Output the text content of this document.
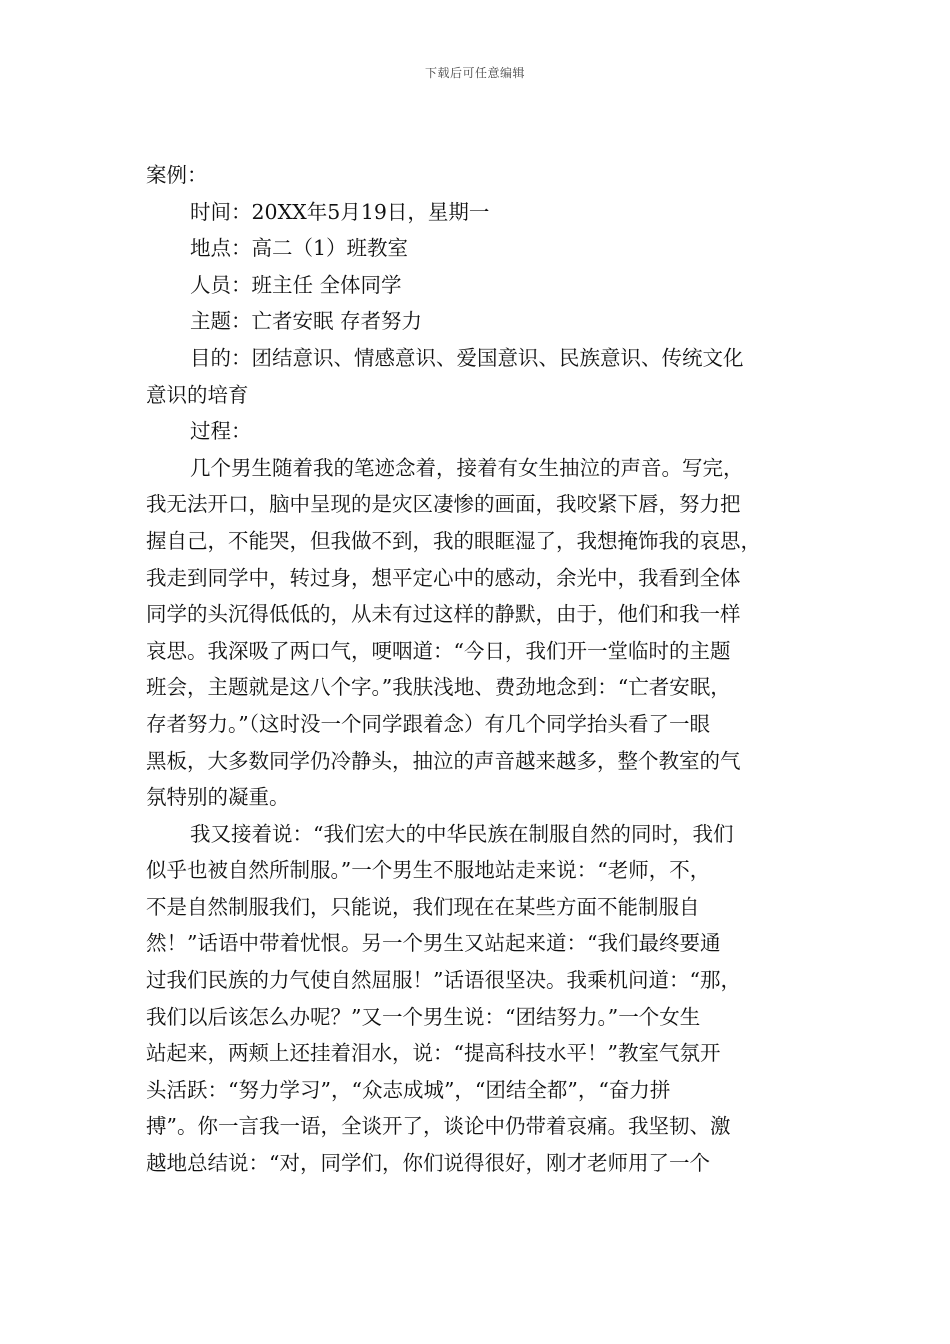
下载后可任意编辑
案例：
时间：20XX年5月19日，星期一
地点：高二（1）班教室
人员：班主任 全体同学
主题：亡者安眠 存者努力
目的：团结意识、情感意识、爱国意识、民族意识、传统文化
意识的培育
过程：
几个男生随着我的笔迹念着，接着有女生抽泣的声音。写完，
我无法开口，脑中呈现的是灾区凄惨的画面，我咬紧下唇，努力把
握自己，不能哭，但我做不到，我的眼眶湿了，我想掩饰我的哀思，
我走到同学中，转过身，想平定心中的感动，余光中，我看到全体
同学的头沉得低低的，从未有过这样的静默，由于，他们和我一样
哀思。我深吸了两口气，哽咽道：“今日，我们开一堂临时的主题
班会，主题就是这八个字。”我肤浅地、费劲地念到：“亡者安眠，
存者努力。”（这时没一个同学跟着念）有几个同学抬头看了一眼
黑板，大多数同学仍冷静头，抽泣的声音越来越多，整个教室的气
氛特别的凝重。
我又接着说：“我们宏大的中华民族在制服自然的同时，我们
似乎也被自然所制服。”一个男生不服地站走来说：“老师，不，
不是自然制服我们，只能说，我们现在在某些方面不能制服自
然！”话语中带着忧恨。另一个男生又站起来道：“我们最终要通
过我们民族的力气使自然屈服！”话语很坚决。我乘机问道：“那，
我们以后该怎么办呢？”又一个男生说：“团结努力。”一个女生
站起来，两颊上还挂着泪水，说：“提高科技水平！”教室气氛开
头活跃：“努力学习”，“众志成城”，“团结全都”，“奋力拼
搏”。你一言我一语，全谈开了，谈论中仍带着哀痛。我坚韧、激
越地总结说：“对，同学们，你们说得很好，刚才老师用了一个
